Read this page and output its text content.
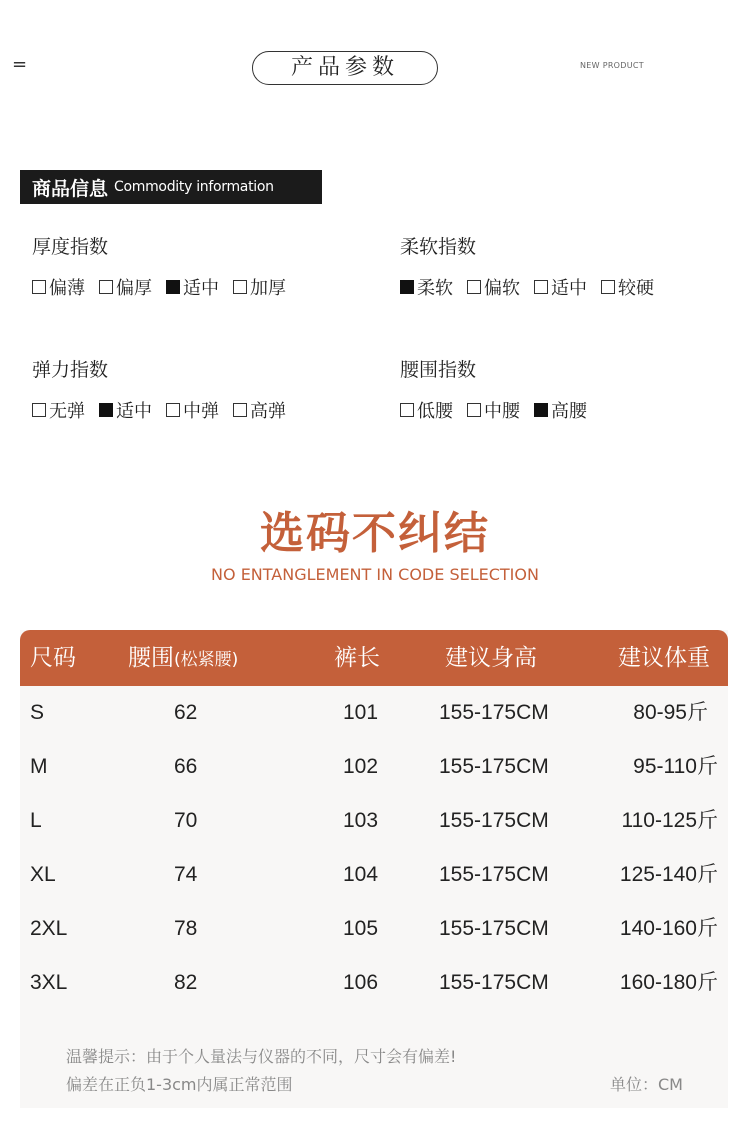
=	产品参数	NEW PRODUCT
商品信息 Commodity information
厚度指数
偏薄 偏厚 适中 加厚
柔软指数
柔软 偏软 适中 较硬
弹力指数
无弹 适中 中弹 高弹
腰围指数
低腰 中腰 高腰
选码不纠结
NO ENTANGLEMENT IN CODE SELECTION
尺码 腰围(松紧腰)	裤长	建议身高	建议体重
S	62	101	155-175CM	80-95斤
M	66	102	155-175CM	95-110斤
L	70	103	155-175CM	110-125斤
XL	74	104	155-175CM	125-140斤
2XL	78	105	155-175CM	140-160斤
3XL	82	106	155-175CM	160-180斤
温馨提示：由于个人量法与仪器的不同，尺寸会有偏差!
偏差在正负1-3cm内属正常范围	单位：CM
